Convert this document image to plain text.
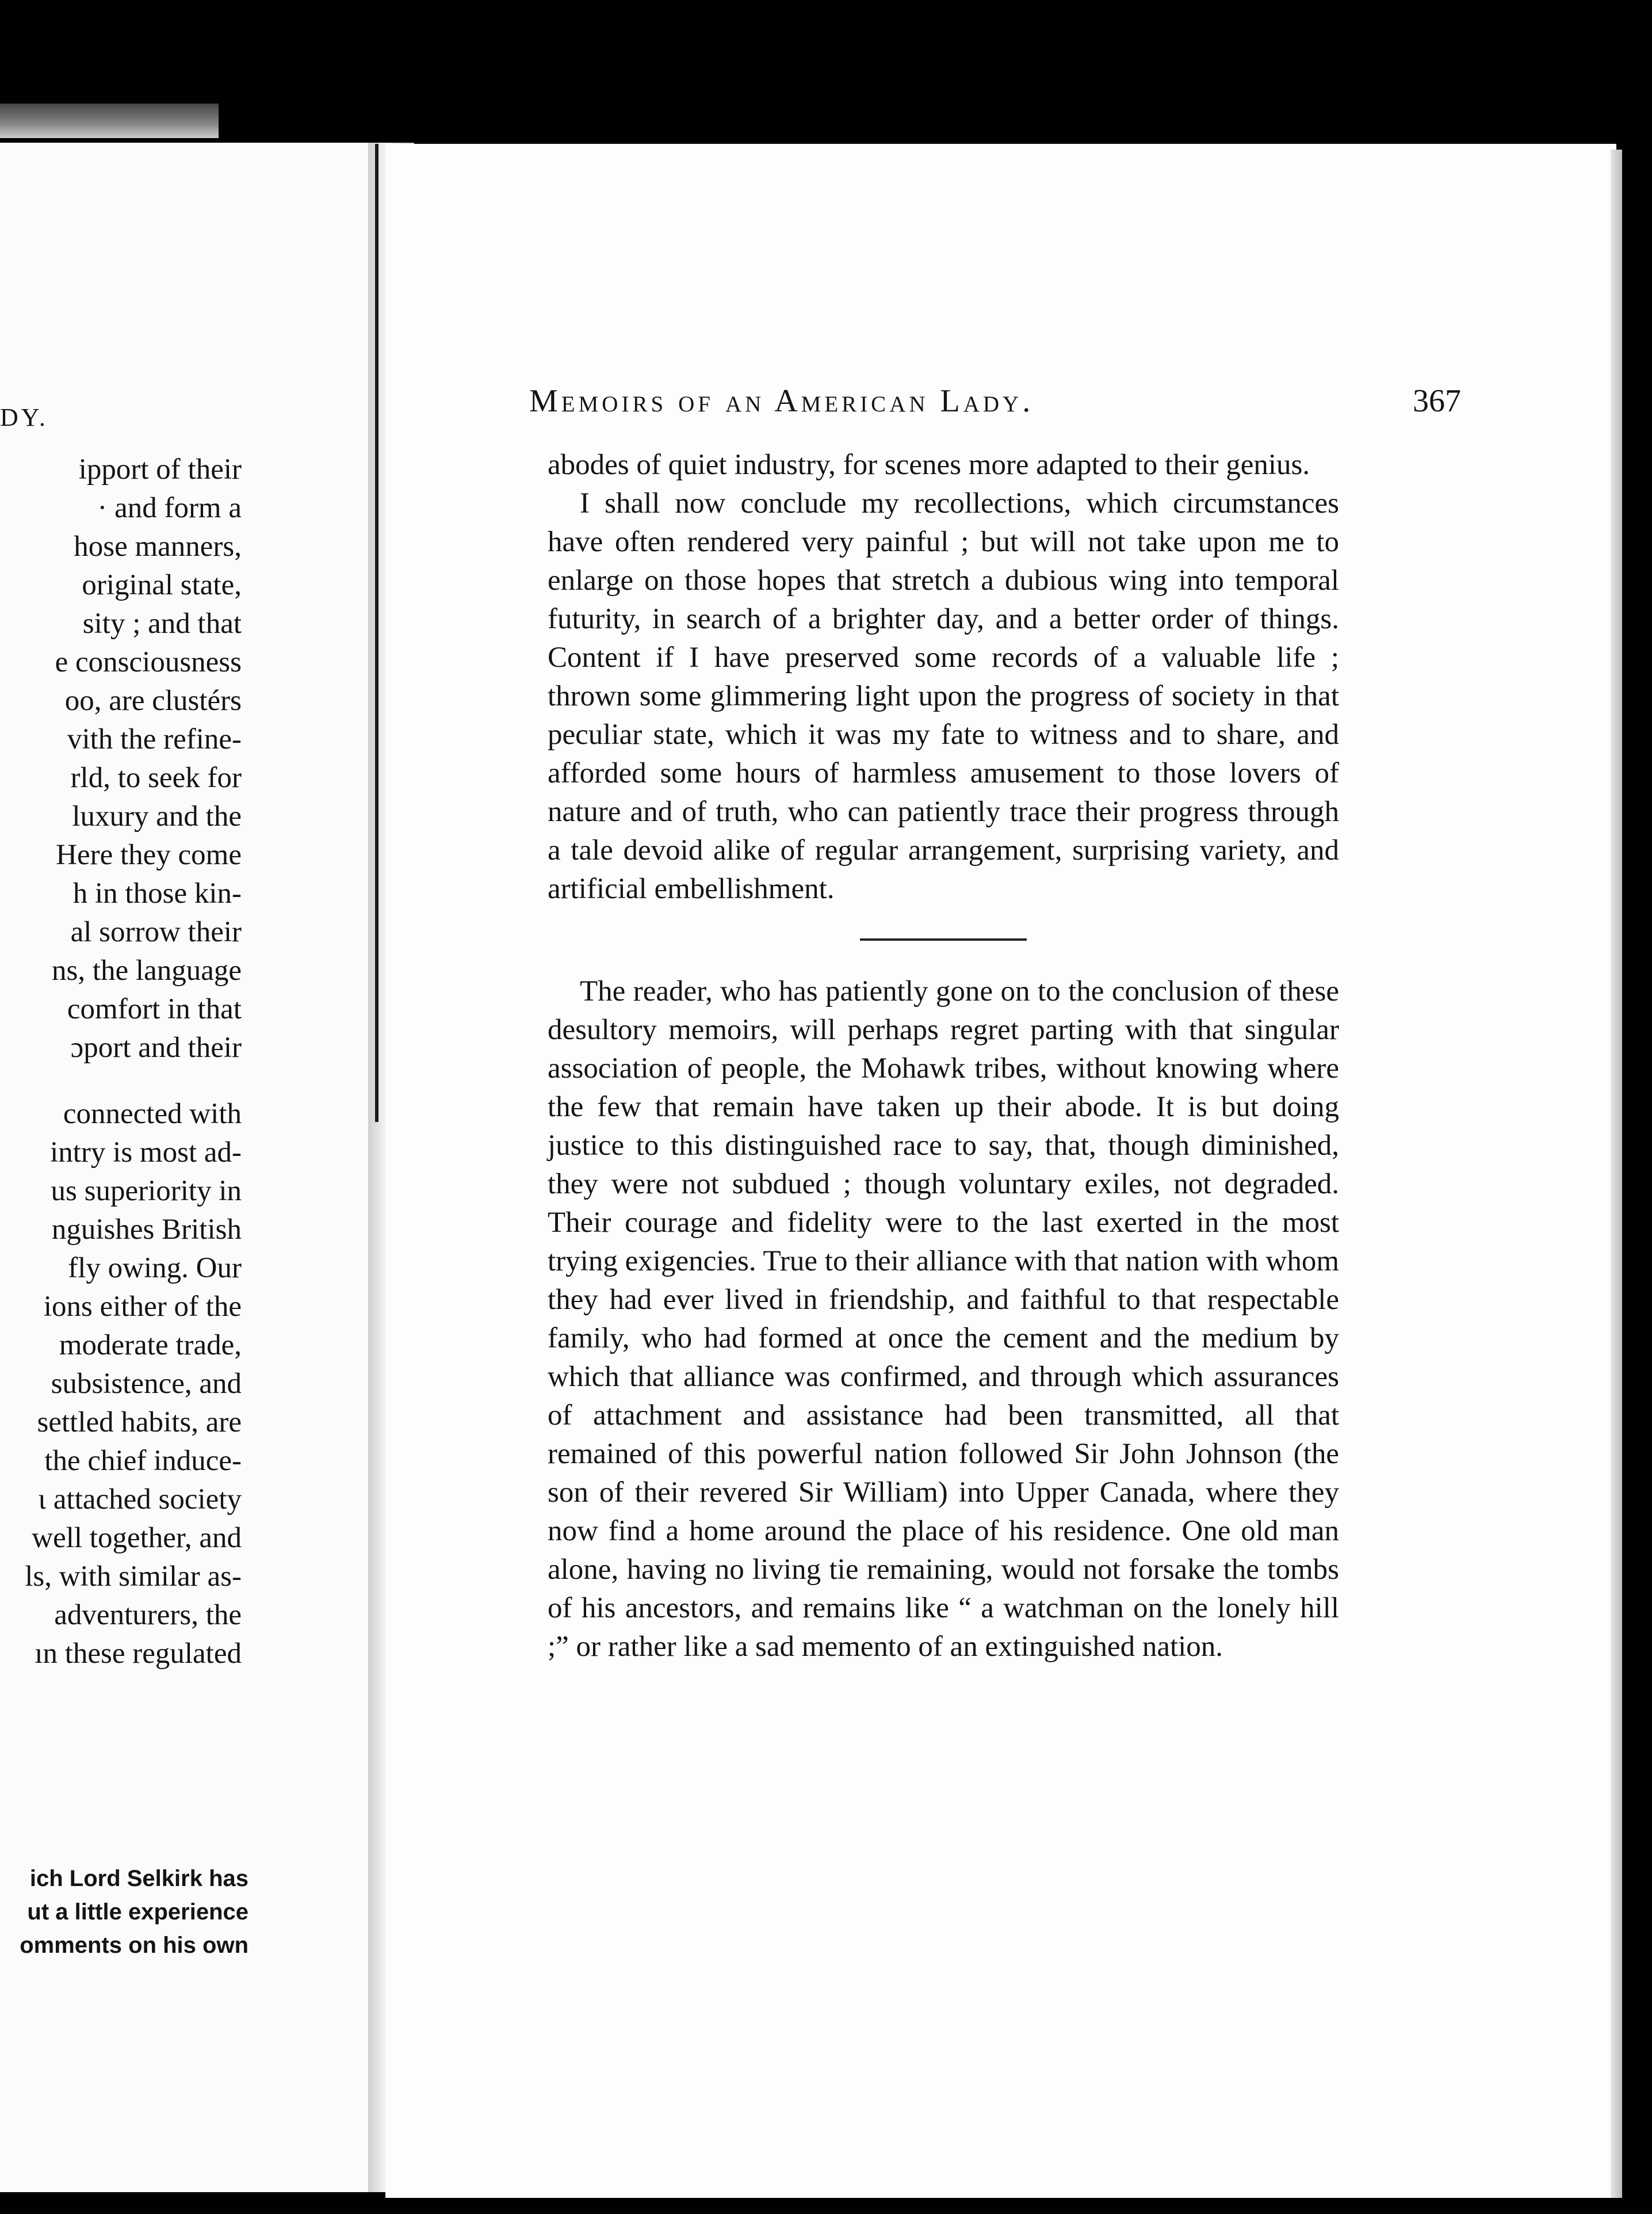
DY.
ipport of their
· and form a
hose manners,
original state,
sity ; and that
e consciousness
oo, are clustérs
vith the refine-
rld, to seek for
luxury and the
Here they come
h in those kin-
al sorrow their
ns, the language
comfort in that
ɔport and their
connected with
intry is most ad-
us superiority in
nguishes British
fly owing. Our
ions either of the
moderate trade,
subsistence, and
settled habits, are
the chief induce-
ι attached society
well together, and
ls, with similar as-
adventurers, the
ın these regulated
ich Lord Selkirk has
ut a little experience
omments on his own
Memoirs of an American Lady.	367

abodes of quiet industry, for scenes more adapted to their genius.

I shall now conclude my recollections, which circumstances have often rendered very painful ; but will not take upon me to enlarge on those hopes that stretch a dubious wing into temporal futurity, in search of a brighter day, and a better order of things. Content if I have preserved some records of a valuable life ; thrown some glimmering light upon the progress of society in that peculiar state, which it was my fate to witness and to share, and afforded some hours of harmless amusement to those lovers of nature and of truth, who can patiently trace their progress through a tale devoid alike of regular arrangement, surprising variety, and artificial embellishment.

The reader, who has patiently gone on to the conclusion of these desultory memoirs, will perhaps regret parting with that singular association of people, the Mohawk tribes, without knowing where the few that remain have taken up their abode. It is but doing justice to this distinguished race to say, that, though diminished, they were not subdued ; though voluntary exiles, not degraded. Their courage and fidelity were to the last exerted in the most trying exigencies. True to their alliance with that nation with whom they had ever lived in friendship, and faithful to that respectable family, who had formed at once the cement and the medium by which that alliance was confirmed, and through which assurances of attachment and assistance had been transmitted, all that remained of this powerful nation followed Sir John Johnson (the son of their revered Sir William) into Upper Canada, where they now find a home around the place of his residence. One old man alone, having no living tie remaining, would not forsake the tombs of his ancestors, and remains like “ a watchman on the lonely hill ;” or rather like a sad memento of an extinguished nation.
